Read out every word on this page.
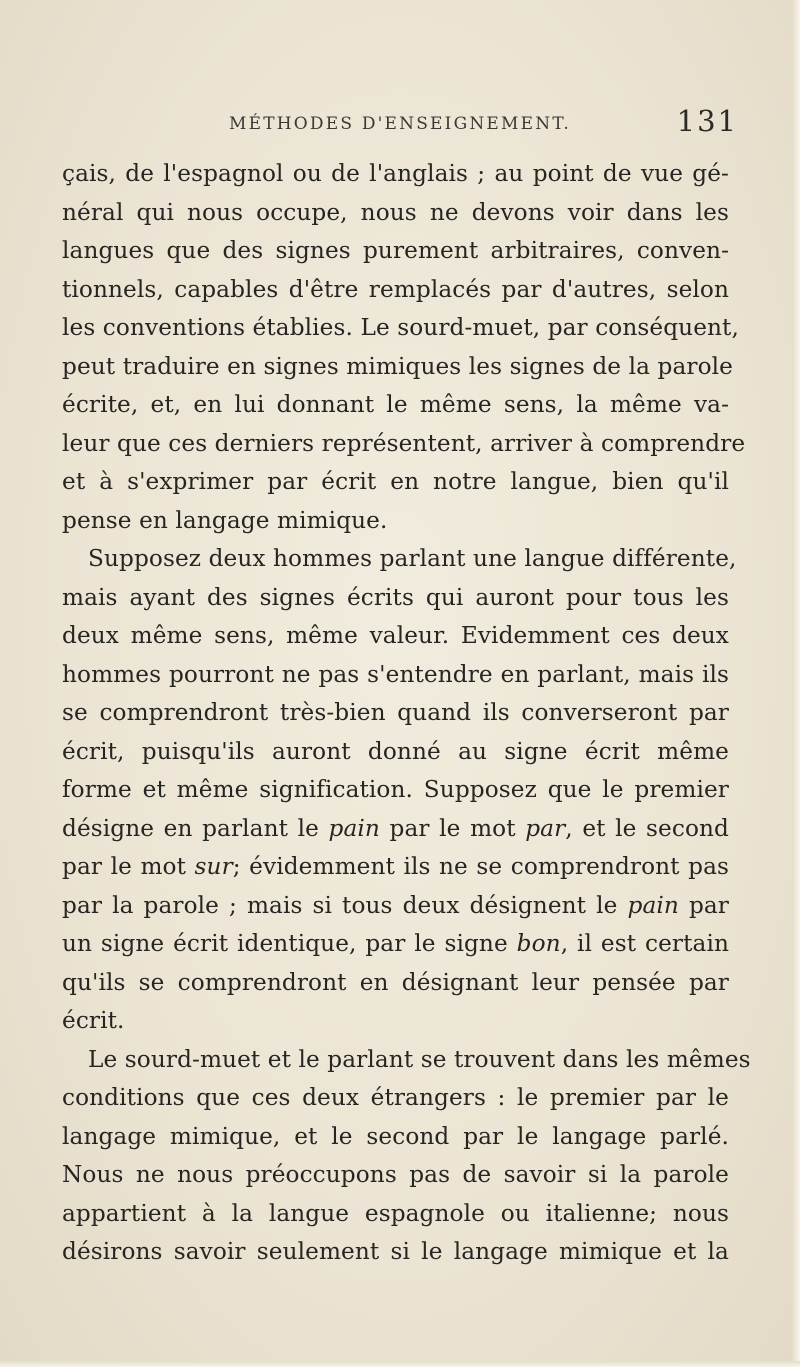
MÉTHODES D'ENSEIGNEMENT.	131
çais, de l'espagnol ou de l'anglais ; au point de vue gé-
néral qui nous occupe, nous ne devons voir dans les
langues que des signes purement arbitraires, conven-
tionnels, capables d'être remplacés par d'autres, selon
les conventions établies. Le sourd-muet, par conséquent,
peut traduire en signes mimiques les signes de la parole
écrite, et, en lui donnant le même sens, la même va-
leur que ces derniers représentent, arriver à comprendre
et à s'exprimer par écrit en notre langue, bien qu'il
pense en langage mimique.
Supposez deux hommes parlant une langue différente,
mais ayant des signes écrits qui auront pour tous les
deux même sens, même valeur. Evidemment ces deux
hommes pourront ne pas s'entendre en parlant, mais ils
se comprendront très-bien quand ils converseront par
écrit, puisqu'ils auront donné au signe écrit même
forme et même signification. Supposez que le premier
désigne en parlant le pain par le mot par, et le second
par le mot sur; évidemment ils ne se comprendront pas
par la parole ; mais si tous deux désignent le pain par
un signe écrit identique, par le signe bon, il est certain
qu'ils se comprendront en désignant leur pensée par
écrit.
Le sourd-muet et le parlant se trouvent dans les mêmes
conditions que ces deux étrangers : le premier par le
langage mimique, et le second par le langage parlé.
Nous ne nous préoccupons pas de savoir si la parole
appartient à la langue espagnole ou italienne; nous
désirons savoir seulement si le langage mimique et la
